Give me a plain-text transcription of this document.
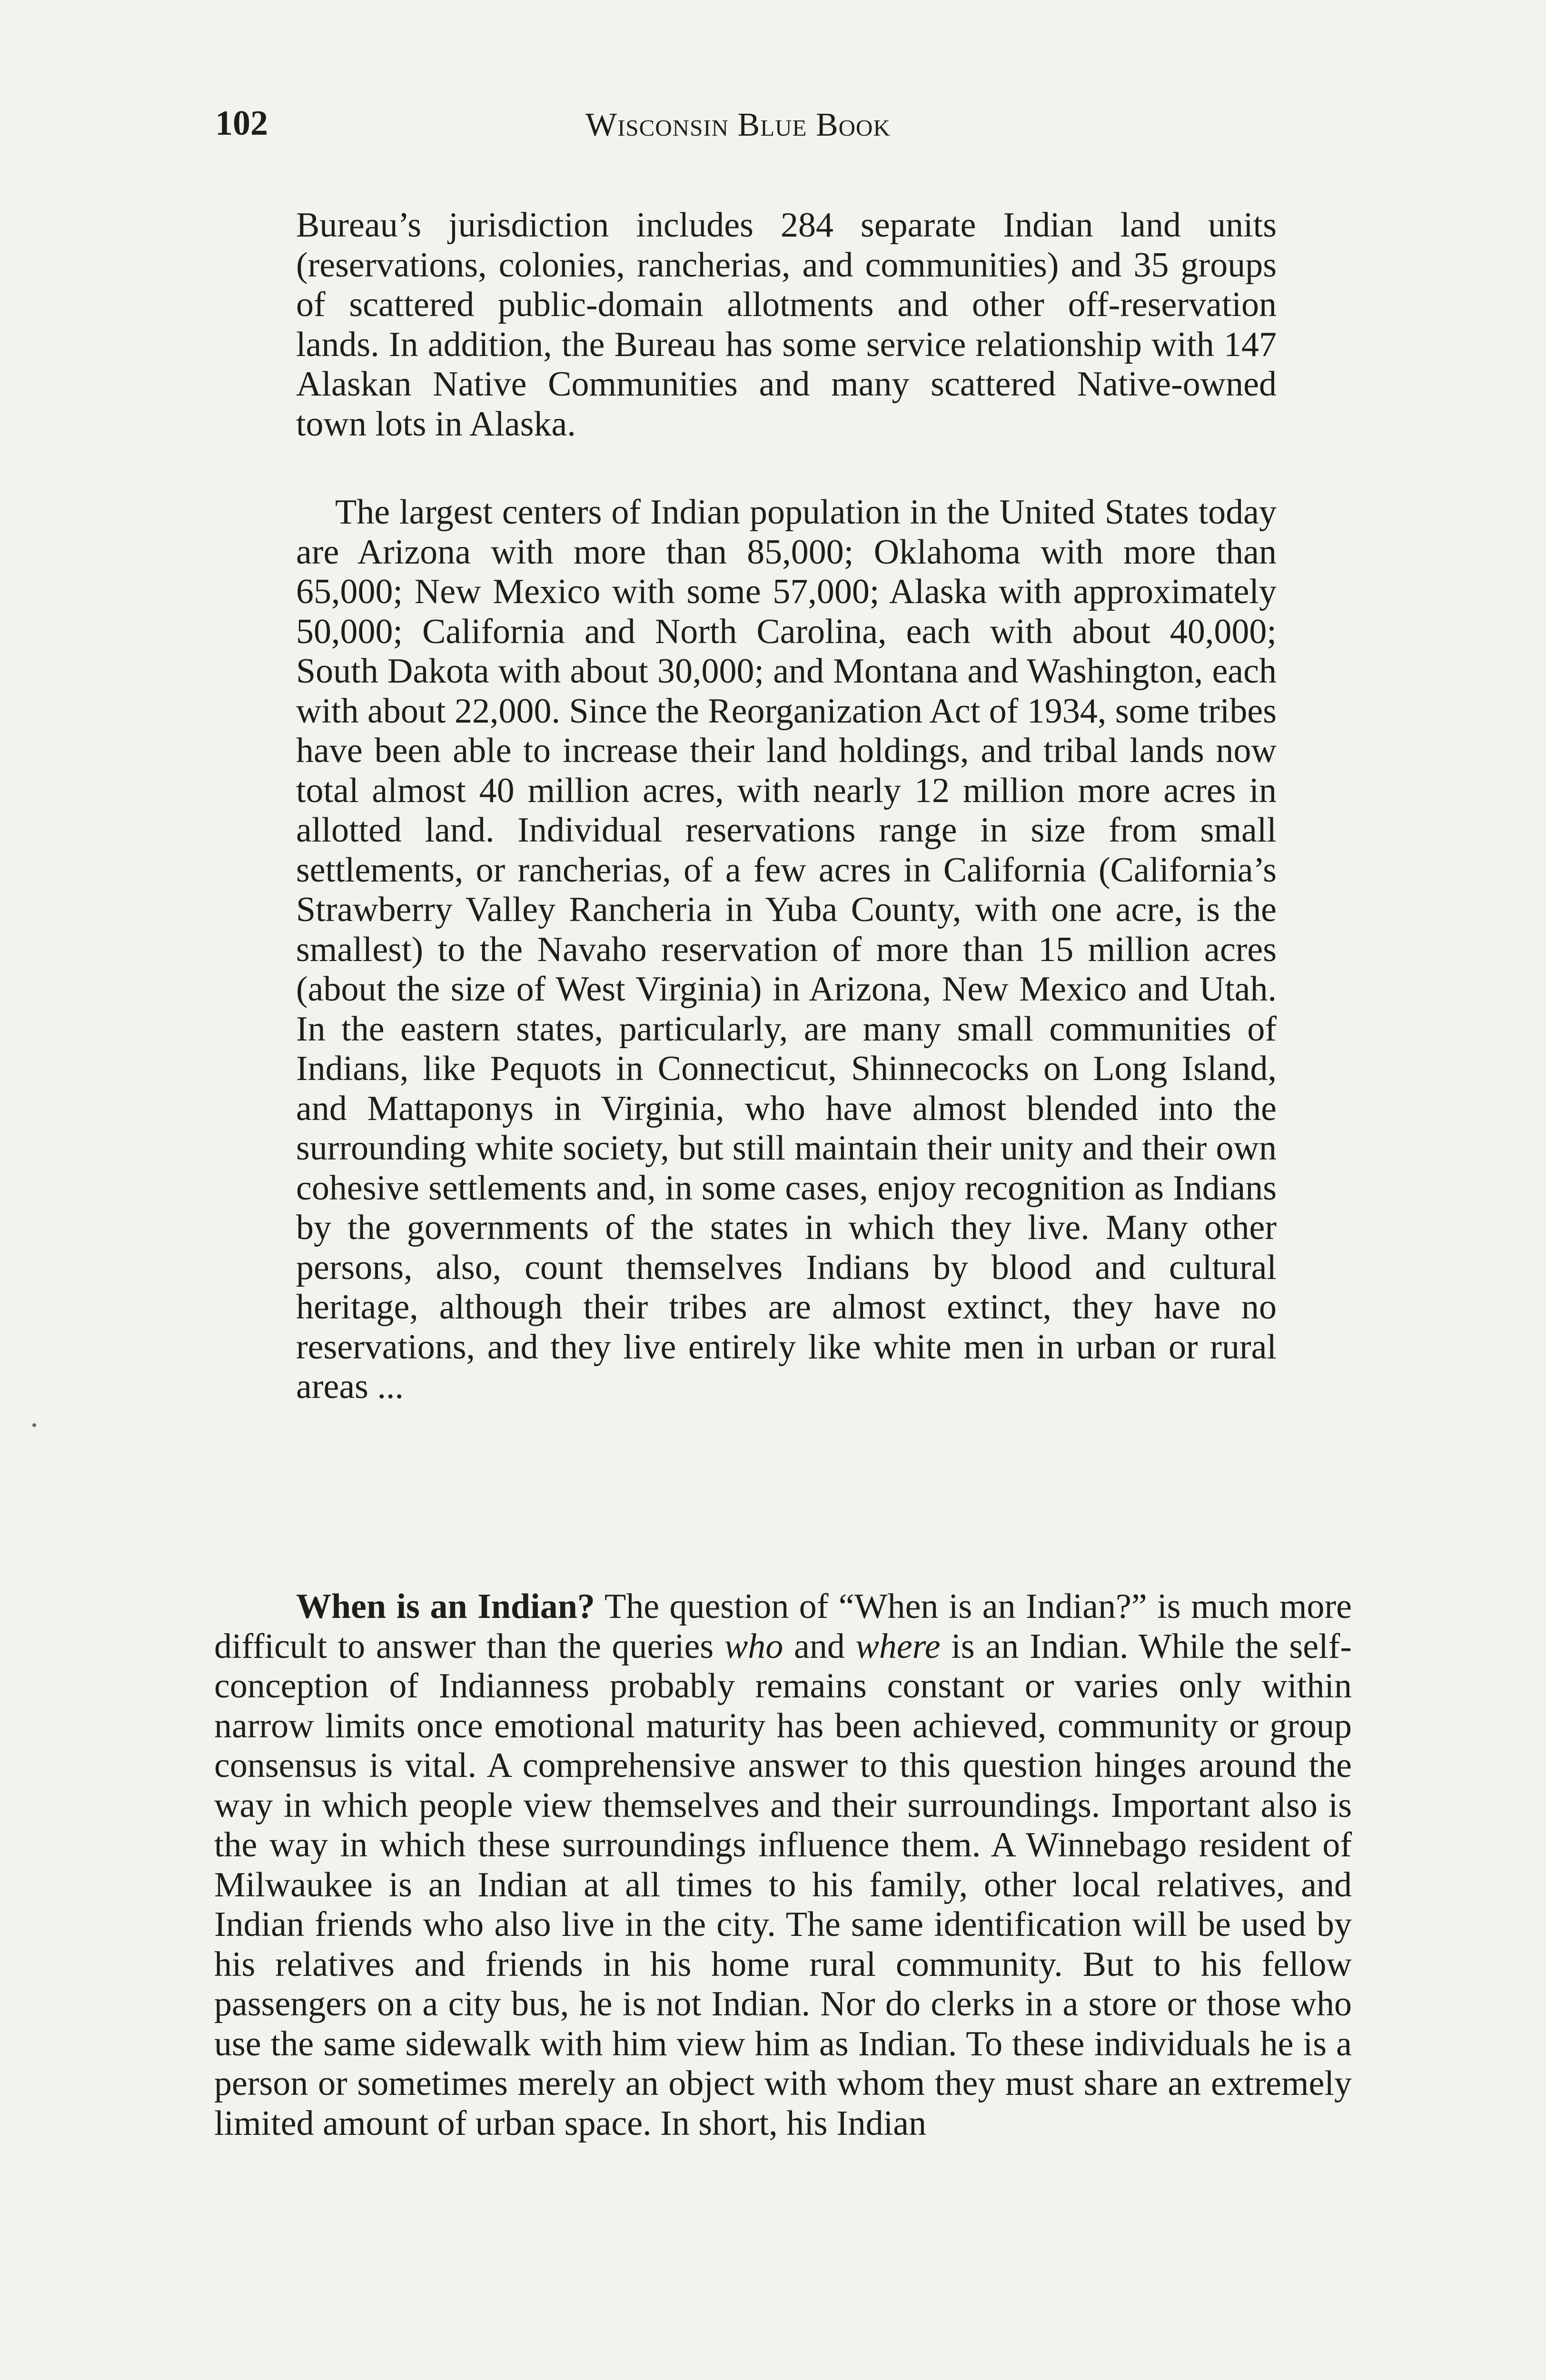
102	Wisconsin Blue Book

Bureau’s jurisdiction includes 284 separate Indian land units (reservations, colonies, rancherias, and communities) and 35 groups of scattered public-domain allotments and other off-reservation lands. In addition, the Bureau has some service relationship with 147 Alaskan Native Communities and many scattered Native-owned town lots in Alaska.

The largest centers of Indian population in the United States today are Arizona with more than 85,000; Oklahoma with more than 65,000; New Mexico with some 57,000; Alaska with approximately 50,000; California and North Carolina, each with about 40,000; South Dakota with about 30,000; and Montana and Washington, each with about 22,000. Since the Reorganization Act of 1934, some tribes have been able to increase their land holdings, and tribal lands now total almost 40 million acres, with nearly 12 million more acres in allotted land. Individual reservations range in size from small settlements, or rancherias, of a few acres in California (California’s Strawberry Valley Rancheria in Yuba County, with one acre, is the smallest) to the Navaho reservation of more than 15 million acres (about the size of West Virginia) in Arizona, New Mexico and Utah. In the eastern states, particularly, are many small communities of Indians, like Pequots in Connecticut, Shinnecocks on Long Island, and Mattaponys in Virginia, who have almost blended into the surrounding white society, but still maintain their unity and their own cohesive settlements and, in some cases, enjoy recognition as Indians by the governments of the states in which they live. Many other persons, also, count themselves Indians by blood and cultural heritage, although their tribes are almost extinct, they have no reservations, and they live entirely like white men in urban or rural areas ...

When is an Indian? The question of “When is an Indian?” is much more difficult to answer than the queries who and where is an Indian. While the self-conception of Indianness probably remains constant or varies only within narrow limits once emotional maturity has been achieved, community or group consensus is vital. A comprehensive answer to this question hinges around the way in which people view themselves and their surroundings. Important also is the way in which these surroundings influence them. A Winnebago resident of Milwaukee is an Indian at all times to his family, other local relatives, and Indian friends who also live in the city. The same identification will be used by his relatives and friends in his home rural community. But to his fellow passengers on a city bus, he is not Indian. Nor do clerks in a store or those who use the same sidewalk with him view him as Indian. To these individuals he is a person or sometimes merely an object with whom they must share an extremely limited amount of urban space. In short, his Indian
